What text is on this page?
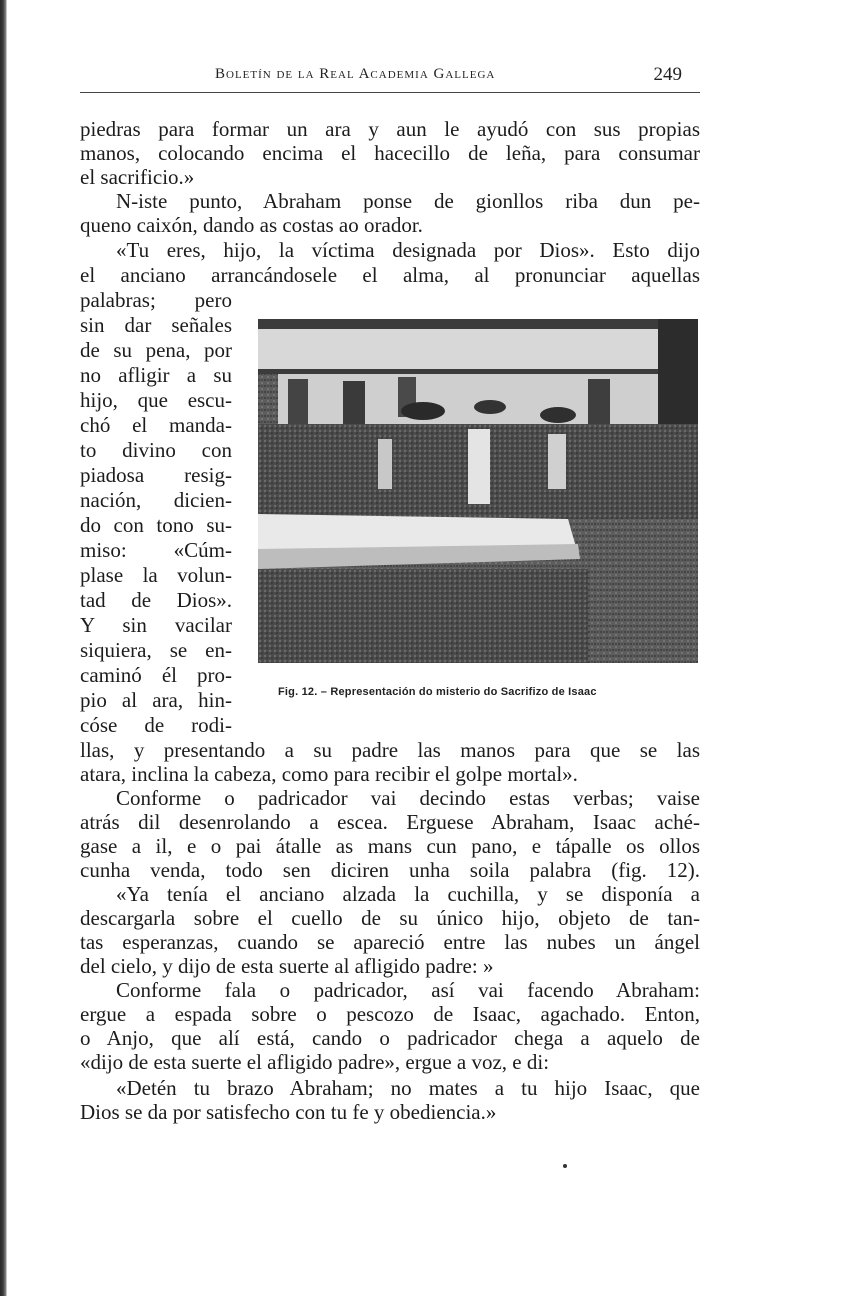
Boletín de la Real Academia Gallega	249
piedras para formar un ara y aun le ayudó con sus propias
manos, colocando encima el hacecillo de leña, para consumar
el sacrificio.»
N-iste punto, Abraham ponse de gionllos riba dun pe-
queno caixón, dando as costas ao orador.
«Tu eres, hijo, la víctima designada por Dios». Esto dijo
el anciano arrancándosele el alma, al pronunciar aquellas
palabras; pero
sin dar señales
de su pena, por
no afligir a su
hijo, que escu-
chó el manda-
to divino con
piadosa resig-
nación, dicien-
do con tono su-
miso: «Cúm-
plase la volun-
tad de Dios».
Y sin vacilar
siquiera, se en-
caminó él pro-
pio al ara, hin-
cóse de rodi-
Fig. 12. – Representación do misterio do Sacrifizo de Isaac
llas, y presentando a su padre las manos para que se las
atara, inclina la cabeza, como para recibir el golpe mortal».
Conforme o padricador vai decindo estas verbas; vaise
atrás dil desenrolando a escea. Erguese Abraham, Isaac aché-
gase a il, e o pai átalle as mans cun pano, e tápalle os ollos
cunha venda, todo sen diciren unha soila palabra (fig. 12).
«Ya tenía el anciano alzada la cuchilla, y se disponía a
descargarla sobre el cuello de su único hijo, objeto de tan-
tas esperanzas, cuando se apareció entre las nubes un ángel
del cielo, y dijo de esta suerte al afligido padre: »
Conforme fala o padricador, así vai facendo Abraham:
ergue a espada sobre o pescozo de Isaac, agachado. Enton,
o Anjo, que alí está, cando o padricador chega a aquelo de
«dijo de esta suerte el afligido padre», ergue a voz, e di:
«Detén tu brazo Abraham; no mates a tu hijo Isaac, que
Dios se da por satisfecho con tu fe y obediencia.»
